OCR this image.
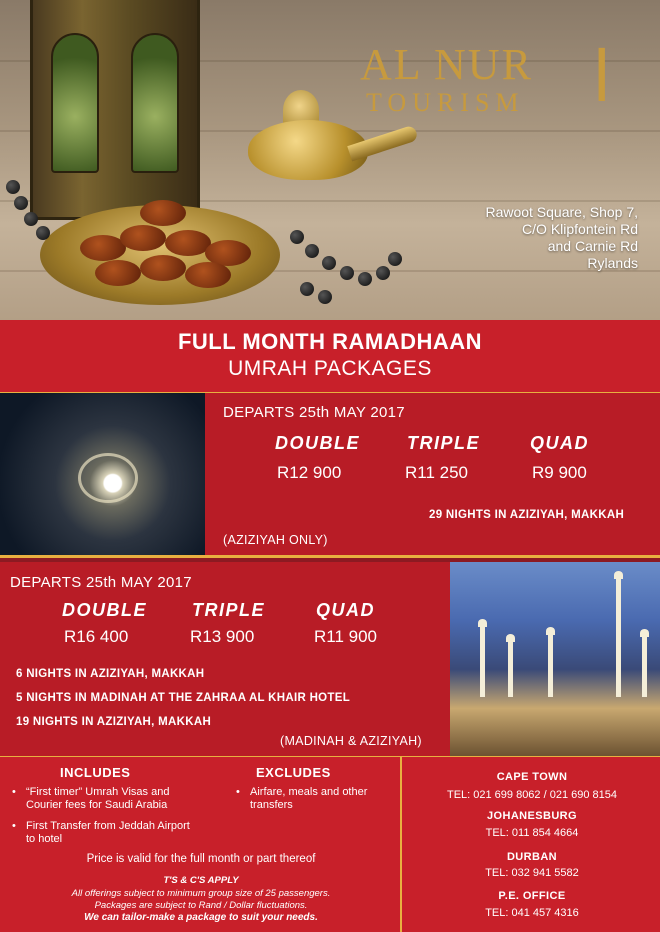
AL NUR
TOURISM ا
Rawoot Square, Shop 7,
C/O Klipfontein Rd
and Carnie Rd
Rylands
FULL MONTH RAMADHAAN
UMRAH PACKAGES
DEPARTS 25th MAY 2017
DOUBLE	TRIPLE	QUAD
R12 900	R11 250	R9 900
29 NIGHTS IN AZIZIYAH, MAKKAH
(AZIZIYAH ONLY)
DEPARTS 25th MAY 2017
DOUBLE	TRIPLE	QUAD
R16 400	R13 900	R11 900
6 NIGHTS IN AZIZIYAH, MAKKAH
5 NIGHTS IN MADINAH AT THE ZAHRAA AL KHAIR HOTEL
19 NIGHTS IN AZIZIYAH, MAKKAH
(MADINAH & AZIZIYAH)
INCLUDES	EXCLUDES
• “First timer” Umrah Visas and Courier fees for Saudi Arabia
• First Transfer from Jeddah Airport to hotel
• Airfare, meals and other transfers
Price is valid for the full month or part thereof
T'S & C'S APPLY
All offerings subject to minimum group size of 25 passengers.
Packages are subject to Rand / Dollar fluctuations.
We can tailor-make a package to suit your needs.
CAPE TOWN
TEL: 021 699 8062 / 021 690 8154
JOHANESBURG
TEL: 011 854 4664
DURBAN
TEL: 032 941 5582
P.E. OFFICE
TEL: 041 457 4316
